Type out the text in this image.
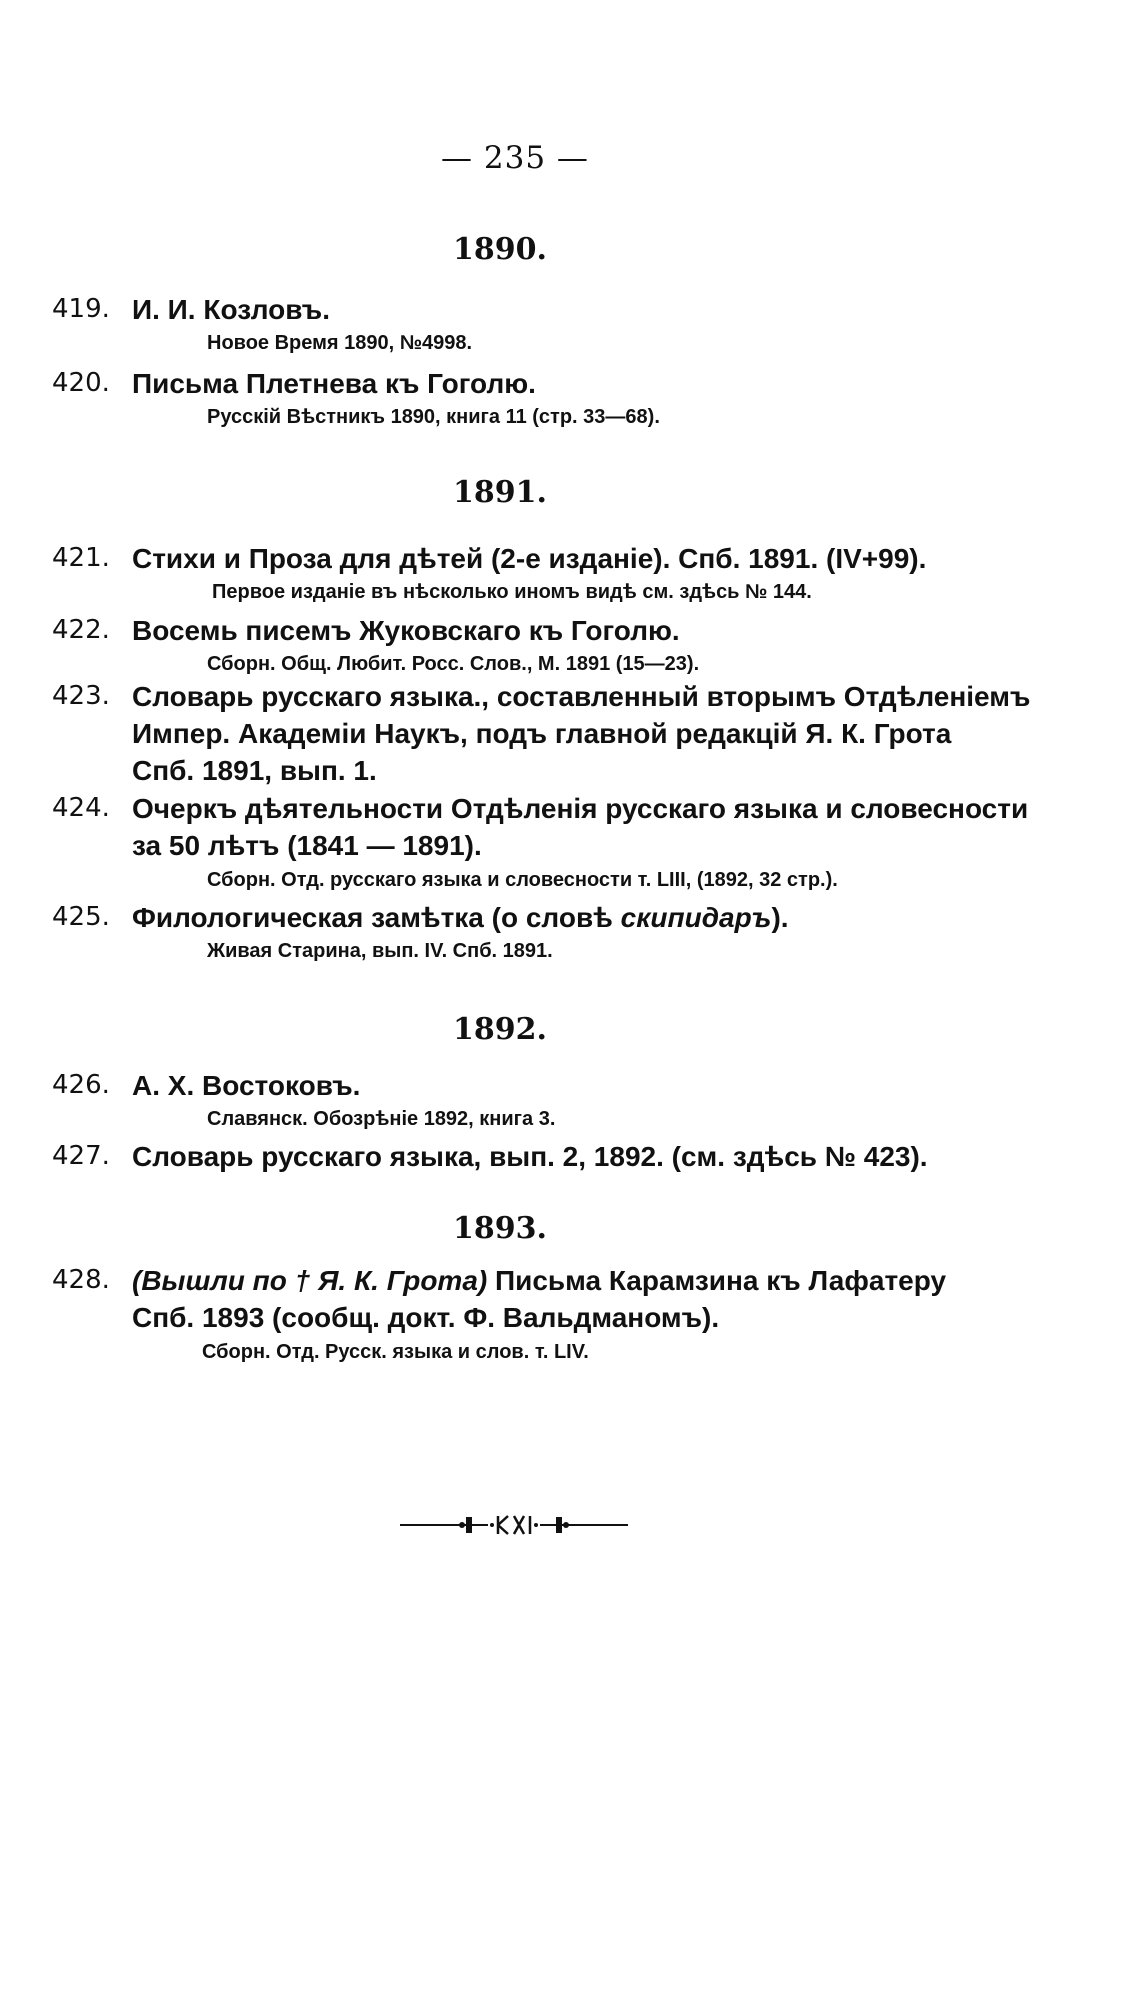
— 235 —
1890.
419. И. И. Козловъ.
Новое Время 1890, №4998.
420. Письма Плетнева къ Гоголю.
Русскій Вѣстникъ 1890, книга 11 (стр. 33—68).
1891.
421. Стихи и Проза для дѣтей (2-е изданіе). Спб. 1891. (IV+99).
Первое изданіе въ нѣсколько иномъ видѣ см. здѣсь № 144.
422. Восемь писемъ Жуковскаго къ Гоголю.
Сборн. Общ. Любит. Росс. Слов., М. 1891 (15—23).
423. Словарь русскаго языка., составленный вторымъ Отдѣленіемъ
Импер. Академіи Наукъ, подъ главной редакцій Я. К. Грота
Спб. 1891, вып. 1.
424. Очеркъ дѣятельности Отдѣленія русскаго языка и словесности
за 50 лѣтъ (1841 — 1891).
Сборн. Отд. русскаго языка и словесности т. LIII, (1892, 32 стр.).
425. Филологическая замѣтка (о словѣ скипидаръ).
Живая Старина, вып. IV. Спб. 1891.
1892.
426. А. Х. Востоковъ.
Славянск. Обозрѣніе 1892, книга 3.
427. Словарь русскаго языка, вып. 2, 1892. (см. здѣсь № 423).
1893.
428. (Вышли по † Я. К. Грота) Письма Карамзина къ Лафатеру
Спб. 1893 (сообщ. докт. Ф. Вальдманомъ).
Сборн. Отд. Русск. языка и слов. т. LIV.
